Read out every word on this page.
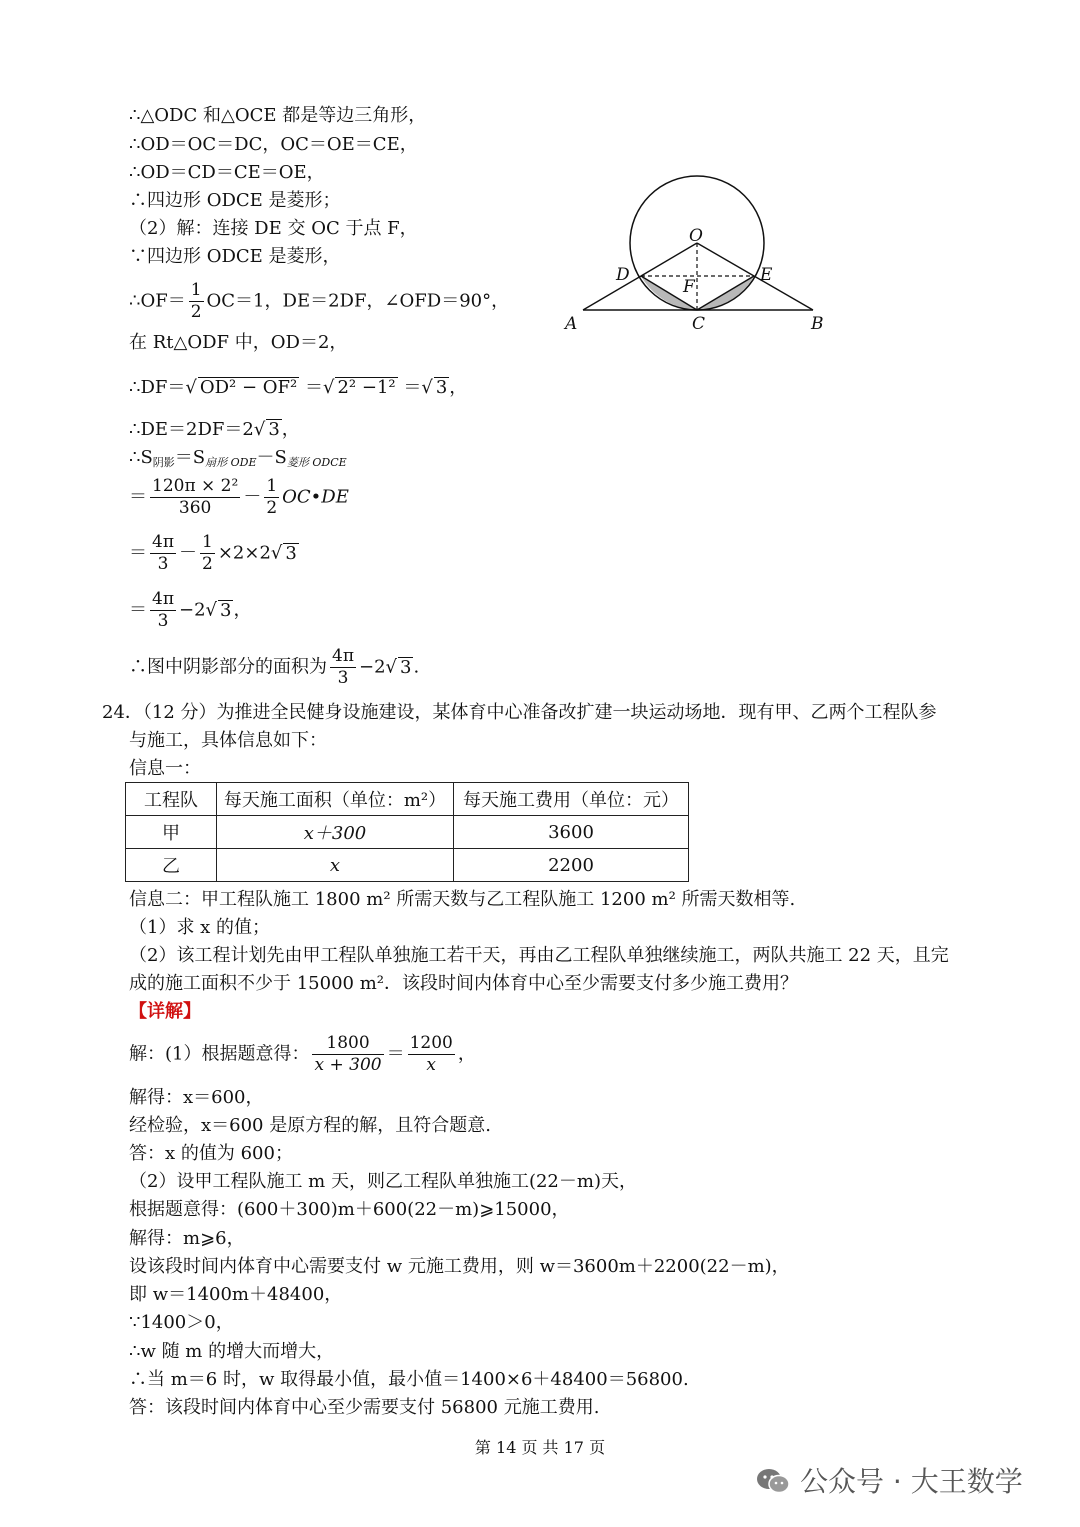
∴△ODC 和△OCE 都是等边三角形，
∴OD＝OC＝DC，OC＝OE＝CE，
∴OD＝CD＝CE＝OE，
∴四边形 ODCE 是菱形；
（2）解：连接 DE 交 OC 于点 F，
∵四边形 ODCE 是菱形，
∴OF＝ $\frac{1}{2} OC=1$，DE＝2DF，∠OFD＝90°，
在 Rt△ODF 中，OD＝2，
∴DF＝√ OD² − OF² ＝√ 2² −1² ＝√ 3 ，
∴DE＝2DF＝2√ 3 ，
$\therefore S_{阴影}=S_{扇形 ODE}-S_{菱形 ODCE}$
＝ $\frac{\text{120π × 2²}}{360} - \frac{1}{2}$ OC•DE
＝ $\frac{4\pi}{3} - \frac{1}{2} \times 2\times 2√$ 3
＝ $\frac{4\pi}{3} -2√$ 3 ，
∴图中阴影部分的面积为 $\frac{4\pi}{3} -2√$ 3 .
O
D	E
F
A	C	B
24．（12 分）为推进全民健身设施建设，某体育中心准备改扩建一块运动场地．现有甲、乙两个工程队参
与施工，具体信息如下：
信息一：
工程队	每天施工面积（单位：m²）	每天施工费用（单位：元）
甲	x＋300	3600
乙	x	2200
信息二：甲工程队施工 1800 m² 所需天数与乙工程队施工 1200 m² 所需天数相等.
（1）求 x 的值；
（2）该工程计划先由甲工程队单独施工若干天，再由乙工程队单独继续施工，两队共施工 22 天，且完
成的施工面积不少于 15000 m²．该段时间内体育中心至少需要支付多少施工费用？
【详解】
解：(1）根据题意得： $\frac{1800}{x + 300} = \frac{1200}{x}$ ，
解得：x＝600，
经检验，x＝600 是原方程的解，且符合题意.
答：x 的值为 600；
（2）设甲工程队施工 m 天，则乙工程队单独施工(22－m)天，
根据题意得：(600＋300)m＋600(22－m)⩾15000，
解得：m⩾6，
设该段时间内体育中心需要支付 w 元施工费用，则 w＝3600m＋2200(22－m)，
即 w＝1400m＋48400，
∵1400＞0，
∴w 随 m 的增大而增大，
∴当 m＝6 时，w 取得最小值，最小值＝1400×6＋48400＝56800.
答：该段时间内体育中心至少需要支付 56800 元施工费用.
第 14 页 共 17 页
公众号 · 大王数学
